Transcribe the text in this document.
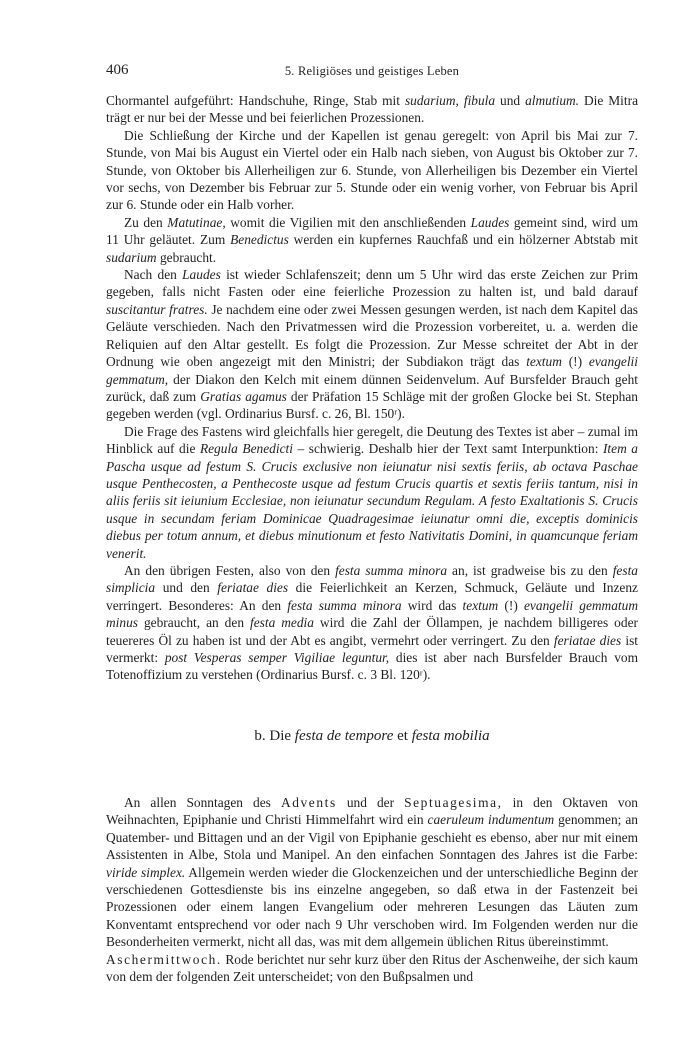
406	5. Religiöses und geistiges Leben

Chormantel aufgeführt: Handschuhe, Ringe, Stab mit sudarium, fibula und almutium. Die Mitra trägt er nur bei der Messe und bei feierlichen Prozessionen.

Die Schließung der Kirche und der Kapellen ist genau geregelt: von April bis Mai zur 7. Stunde, von Mai bis August ein Viertel oder ein Halb nach sieben, von August bis Oktober zur 7. Stunde, von Oktober bis Allerheiligen zur 6. Stunde, von Allerheiligen bis Dezember ein Viertel vor sechs, von Dezember bis Februar zur 5. Stunde oder ein wenig vorher, von Februar bis April zur 6. Stunde oder ein Halb vorher.

Zu den Matutinae, womit die Vigilien mit den anschließenden Laudes gemeint sind, wird um 11 Uhr geläutet. Zum Benedictus werden ein kupfernes Rauchfaß und ein hölzerner Abtstab mit sudarium gebraucht.

Nach den Laudes ist wieder Schlafenszeit; denn um 5 Uhr wird das erste Zeichen zur Prim gegeben, falls nicht Fasten oder eine feierliche Prozession zu halten ist, und bald darauf suscitantur fratres. Je nachdem eine oder zwei Messen gesungen werden, ist nach dem Kapitel das Geläute verschieden. Nach den Privatmessen wird die Prozession vorbereitet, u. a. werden die Reliquien auf den Altar gestellt. Es folgt die Prozession. Zur Messe schreitet der Abt in der Ordnung wie oben angezeigt mit den Ministri; der Subdiakon trägt das textum (!) evangelii gemmatum, der Diakon den Kelch mit einem dünnen Seidenvelum. Auf Bursfelder Brauch geht zurück, daß zum Gratias agamus der Präfation 15 Schläge mit der großen Glocke bei St. Stephan gegeben werden (vgl. Ordinarius Bursf. c. 26, Bl. 150ʳ).

Die Frage des Fastens wird gleichfalls hier geregelt, die Deutung des Textes ist aber – zumal im Hinblick auf die Regula Benedicti – schwierig. Deshalb hier der Text samt Interpunktion: Item a Pascha usque ad festum S. Crucis exclusive non ieiunatur nisi sextis feriis, ab octava Paschae usque Penthecosten, a Penthecoste usque ad festum Crucis quartis et sextis feriis tantum, nisi in aliis feriis sit ieiunium Ecclesiae, non ieiunatur secundum Regulam. A festo Exaltationis S. Crucis usque in secundam feriam Dominicae Quadragesimae ieiunatur omni die, exceptis dominicis diebus per totum annum, et diebus minutionum et festo Nativitatis Domini, in quamcunque feriam venerit.

An den übrigen Festen, also von den festa summa minora an, ist gradweise bis zu den festa simplicia und den feriatae dies die Feierlichkeit an Kerzen, Schmuck, Geläute und Inzenz verringert. Besonderes: An den festa summa minora wird das textum (!) evangelii gemmatum minus gebraucht, an den festa media wird die Zahl der Öllampen, je nachdem billigeres oder teuereres Öl zu haben ist und der Abt es angibt, vermehrt oder verringert. Zu den feriatae dies ist vermerkt: post Vesperas semper Vigiliae leguntur, dies ist aber nach Bursfelder Brauch vom Totenoffizium zu verstehen (Ordinarius Bursf. c. 3 Bl. 120ʳ).

b. Die festa de tempore et festa mobilia

An allen Sonntagen des Advents und der Septuagesima, in den Oktaven von Weihnachten, Epiphanie und Christi Himmelfahrt wird ein caeruleum indumentum genommen; an Quatember- und Bittagen und an der Vigil von Epiphanie geschieht es ebenso, aber nur mit einem Assistenten in Albe, Stola und Manipel. An den einfachen Sonntagen des Jahres ist die Farbe: viride simplex. Allgemein werden wieder die Glockenzeichen und der unterschiedliche Beginn der verschiedenen Gottesdienste bis ins einzelne angegeben, so daß etwa in der Fastenzeit bei Prozessionen oder einem langen Evangelium oder mehreren Lesungen das Läuten zum Konventamt entsprechend vor oder nach 9 Uhr verschoben wird. Im Folgenden werden nur die Besonderheiten vermerkt, nicht all das, was mit dem allgemein üblichen Ritus übereinstimmt.

Aschermittwoch. Rode berichtet nur sehr kurz über den Ritus der Aschenweihe, der sich kaum von dem der folgenden Zeit unterscheidet; von den Bußpsalmen und
